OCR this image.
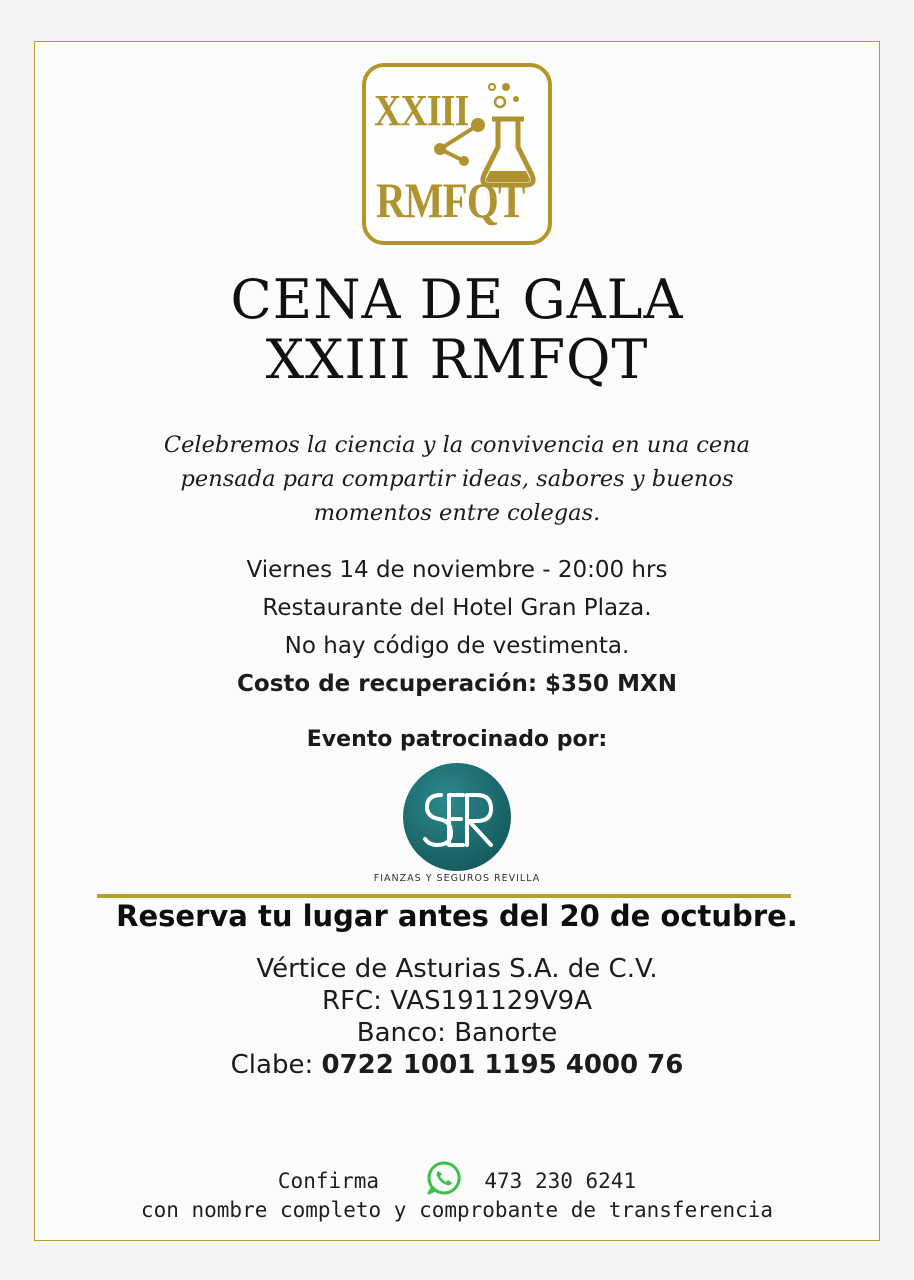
XXIII
RMFQT
CENA DE GALA
XXIII RMFQT
Celebremos la ciencia y la convivencia en una cena
pensada para compartir ideas, sabores y buenos
momentos entre colegas.
Viernes 14 de noviembre - 20:00 hrs
Restaurante del Hotel Gran Plaza.
No hay código de vestimenta.
Costo de recuperación: $350 MXN
Evento patrocinado por:
FIANZAS Y SEGUROS REVILLA
Reserva tu lugar antes del 20 de octubre.
Vértice de Asturias S.A. de C.V.
RFC: VAS191129V9A
Banco: Banorte
Clabe: 0722 1001 1195 4000 76
Confirma	473 230 6241
con nombre completo y comprobante de transferencia
